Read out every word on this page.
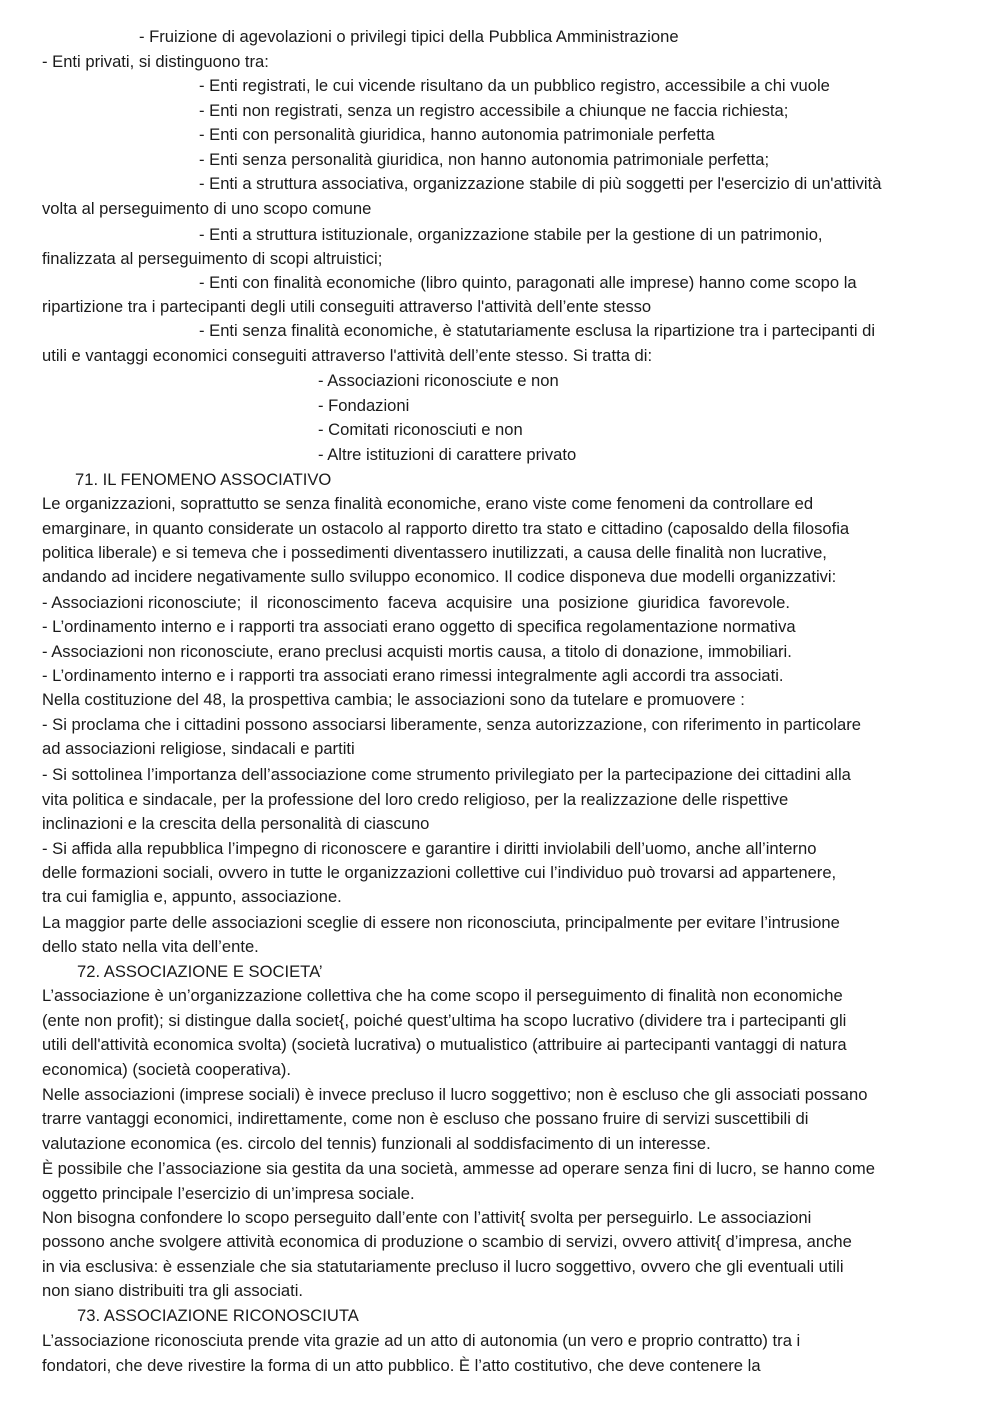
- Fruizione di agevolazioni o privilegi tipici della Pubblica Amministrazione
- Enti privati, si distinguono tra:
- Enti registrati, le cui vicende risultano da un pubblico registro, accessibile a chi vuole
- Enti non registrati, senza un registro accessibile a chiunque ne faccia richiesta;
- Enti con personalità giuridica, hanno autonomia patrimoniale perfetta
- Enti senza personalità giuridica, non hanno autonomia patrimoniale perfetta;
- Enti a struttura associativa, organizzazione stabile di più soggetti per l'esercizio di un'attività
volta al perseguimento di uno scopo comune
- Enti a struttura istituzionale, organizzazione stabile per la gestione di un patrimonio,
finalizzata al perseguimento di scopi altruistici;
- Enti con finalità economiche (libro quinto, paragonati alle imprese) hanno come scopo la
ripartizione tra i partecipanti degli utili conseguiti attraverso l'attività dell’ente stesso
- Enti senza finalità economiche, è statutariamente esclusa la ripartizione tra i partecipanti di
utili e vantaggi economici conseguiti attraverso l'attività dell’ente stesso. Si tratta di:
- Associazioni riconosciute e non
- Fondazioni
- Comitati riconosciuti e non
- Altre istituzioni di carattere privato
71. IL FENOMENO ASSOCIATIVO
Le organizzazioni, soprattutto se senza finalità economiche, erano viste come fenomeni da controllare ed
emarginare, in quanto considerate un ostacolo al rapporto diretto tra stato e cittadino (caposaldo della filosofia
politica liberale) e si temeva che i possedimenti diventassero inutilizzati, a causa delle finalità non lucrative,
andando ad incidere negativamente sullo sviluppo economico. Il codice disponeva due modelli organizzativi:
- Associazioni riconosciute;  il  riconoscimento  faceva  acquisire  una  posizione  giuridica  favorevole.
- L’ordinamento interno e i rapporti tra associati erano oggetto di specifica regolamentazione normativa
- Associazioni non riconosciute, erano preclusi acquisti mortis causa, a titolo di donazione, immobiliari.
- L’ordinamento interno e i rapporti tra associati erano rimessi integralmente agli accordi tra associati.
Nella costituzione del 48, la prospettiva cambia; le associazioni sono da tutelare e promuovere :
- Si proclama che i cittadini possono associarsi liberamente, senza autorizzazione, con riferimento in particolare
ad associazioni religiose, sindacali e partiti
- Si sottolinea l’importanza dell’associazione come strumento privilegiato per la partecipazione dei cittadini alla
vita politica e sindacale, per la professione del loro credo religioso, per la realizzazione delle rispettive
inclinazioni e la crescita della personalità di ciascuno
- Si affida alla repubblica l’impegno di riconoscere e garantire i diritti inviolabili dell’uomo, anche all’interno
delle formazioni sociali, ovvero in tutte le organizzazioni collettive cui l’individuo può trovarsi ad appartenere,
tra cui famiglia e, appunto, associazione.
La maggior parte delle associazioni sceglie di essere non riconosciuta, principalmente per evitare l’intrusione
dello stato nella vita dell’ente.
72. ASSOCIAZIONE E SOCIETA’
L’associazione è un’organizzazione collettiva che ha come scopo il perseguimento di finalità non economiche
(ente non profit); si distingue dalla societ{, poiché quest’ultima ha scopo lucrativo (dividere tra i partecipanti gli
utili dell'attività economica svolta) (società lucrativa) o mutualistico (attribuire ai partecipanti vantaggi di natura
economica) (società cooperativa).
Nelle associazioni (imprese sociali) è invece precluso il lucro soggettivo; non è escluso che gli associati possano
trarre vantaggi economici, indirettamente, come non è escluso che possano fruire di servizi suscettibili di
valutazione economica (es. circolo del tennis) funzionali al soddisfacimento di un interesse.
È possibile che l’associazione sia gestita da una società, ammesse ad operare senza fini di lucro, se hanno come
oggetto principale l’esercizio di un’impresa sociale.
Non bisogna confondere lo scopo perseguito dall’ente con l’attivit{ svolta per perseguirlo. Le associazioni
possono anche svolgere attività economica di produzione o scambio di servizi, ovvero attivit{ d’impresa, anche
in via esclusiva: è essenziale che sia statutariamente precluso il lucro soggettivo, ovvero che gli eventuali utili
non siano distribuiti tra gli associati.
73. ASSOCIAZIONE RICONOSCIUTA
L’associazione riconosciuta prende vita grazie ad un atto di autonomia (un vero e proprio contratto) tra i
fondatori, che deve rivestire la forma di un atto pubblico. È l’atto costitutivo, che deve contenere la
